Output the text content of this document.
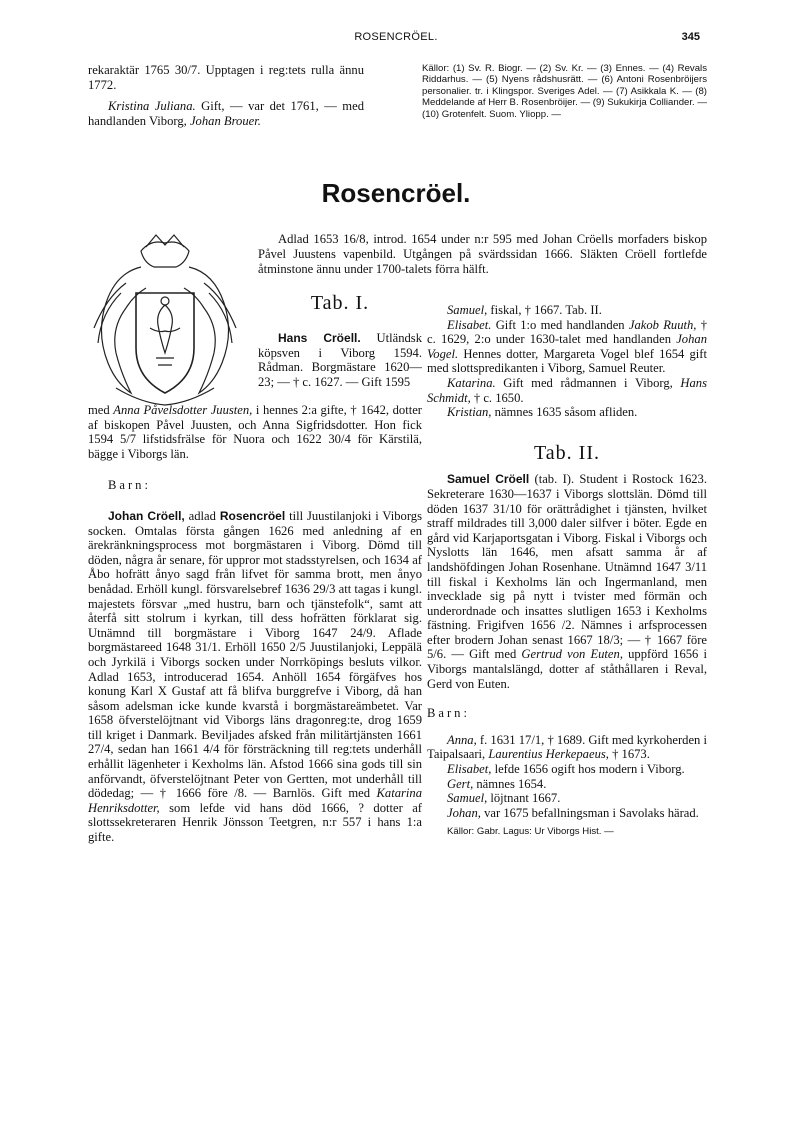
ROSENCRÖEL.	345

rekaraktär 1765 30/7. Upptagen i reg:tets rulla ännu 1772.

Kristina Juliana. Gift, — var det 1761, — med handlanden Viborg, Johan Brouer.

Källor: (1) Sv. R. Biogr. — (2) Sv. Kr. — (3) Ennes. — (4) Revals Riddarhus. — (5) Nyens rådshusrätt. — (6) Antoni Rosenbröijers personalier. tr. i Klingspor. Sveriges Adel. — (7) Asikkala K. — (8) Meddelande af Herr B. Rosenbröijer. — (9) Sukukirja Colliander. — (10) Grotenfelt. Suom. Yliopp. —
Rosencröel.

Adlad 1653 16/8, introd. 1654 under n:r 595 med Johan Cröells morfaders biskop Påvel Juustens vapenbild. Utgången på svärdssidan 1666. Släkten Cröell fortlefde åtminstone ännu under 1700-talets förra hälft.

Tab. I.

Hans Cröell. Utländsk köpsven i Viborg 1594. Rådman. Borgmästare 1620—23; — † c. 1627. — Gift 1595

med Anna Påvelsdotter Juusten, i hennes 2:a gifte, † 1642, dotter af biskopen Påvel Juusten, och Anna Sigfridsdotter. Hon fick 1594 5/7 lifstidsfrälse för Nuora och 1622 30/4 för Kärstilä, bägge i Viborgs län.

Barn:

Johan Cröell, adlad Rosencröel till Juustilanjoki i Viborgs socken. Omtalas första gången 1626 med anledning af en ärekränkningsprocess mot borgmästaren i Viborg. Dömd till döden, några år senare, för uppror mot stadsstyrelsen, och 1634 af Åbo hofrätt ånyo sagd från lifvet för samma brott, men ånyo benådad. Erhöll kungl. försvarelsebref 1636 29/3 att tagas i kungl. majestets försvar „med hustru, barn och tjänstefolk“, samt att återfå sitt stolrum i kyrkan, till dess hofrätten förklarat sig. Utnämnd till borgmästare i Viborg 1647 24/9. Aflade borgmästareed 1648 31/1. Erhöll 1650 2/5 Juustilanjoki, Leppälä och Jyrkilä i Viborgs socken under Norrköpings besluts vilkor. Adlad 1653, introducerad 1654. Anhöll 1654 förgäfves hos konung Karl X Gustaf att få blifva burggrefve i Viborg, då han såsom adelsman icke kunde kvarstå i borgmästareämbetet. Var 1658 öfverstelöjtnant vid Viborgs läns dragonreg:te, drog 1659 till kriget i Danmark. Beviljades afsked från militärtjänsten 1661 27/4, sedan han 1661 4/4 för försträckning till reg:tets underhåll erhållit lägenheter i Kexholms län. Afstod 1666 sina gods till sin anförvandt, öfverstelöjtnant Peter von Gertten, mot underhåll till dödedag; — † 1666 före /8. — Barnlös. Gift med Katarina Henriksdotter, som lefde vid hans död 1666, ? dotter af slottssekreteraren Henrik Jönsson Teetgren, n:r 557 i hans 1:a gifte.

Samuel, fiskal, † 1667. Tab. II.

Elisabet. Gift 1:o med handlanden Jakob Ruuth, † c. 1629, 2:o under 1630-talet med handlanden Johan Vogel. Hennes dotter, Margareta Vogel blef 1654 gift med slottspredikanten i Viborg, Samuel Reuter.

Katarina. Gift med rådmannen i Viborg, Hans Schmidt, † c. 1650.

Kristian, nämnes 1635 såsom afliden.

Tab. II.

Samuel Cröell (tab. I). Student i Rostock 1623. Sekreterare 1630—1637 i Viborgs slottslän. Dömd till döden 1637 31/10 för orättrådighet i tjänsten, hvilket straff mildrades till 3,000 daler silfver i böter. Egde en gård vid Karjaportsgatan i Viborg. Fiskal i Viborgs och Nyslotts län 1646, men afsatt samma år af landshöfdingen Johan Rosenhane. Utnämnd 1647 3/11 till fiskal i Kexholms län och Ingermanland, men invecklade sig på nytt i tvister med förmän och underordnade och insattes slutligen 1653 i Kexholms fästning. Frigifven 1656 /2. Nämnes i arfsprocessen efter brodern Johan senast 1667 18/3; — † 1667 före 5/6. — Gift med Gertrud von Euten, uppförd 1656 i Viborgs mantalslängd, dotter af ståthållaren i Reval, Gerd von Euten.

Barn:

Anna, f. 1631 17/1, † 1689. Gift med kyrkoherden i Taipalsaari, Laurentius Herkepaeus, † 1673.

Elisabet, lefde 1656 ogift hos modern i Viborg.

Gert, nämnes 1654.

Samuel, löjtnant 1667.

Johan, var 1675 befallningsman i Savolaks härad.

Källor: Gabr. Lagus: Ur Viborgs Hist. —
